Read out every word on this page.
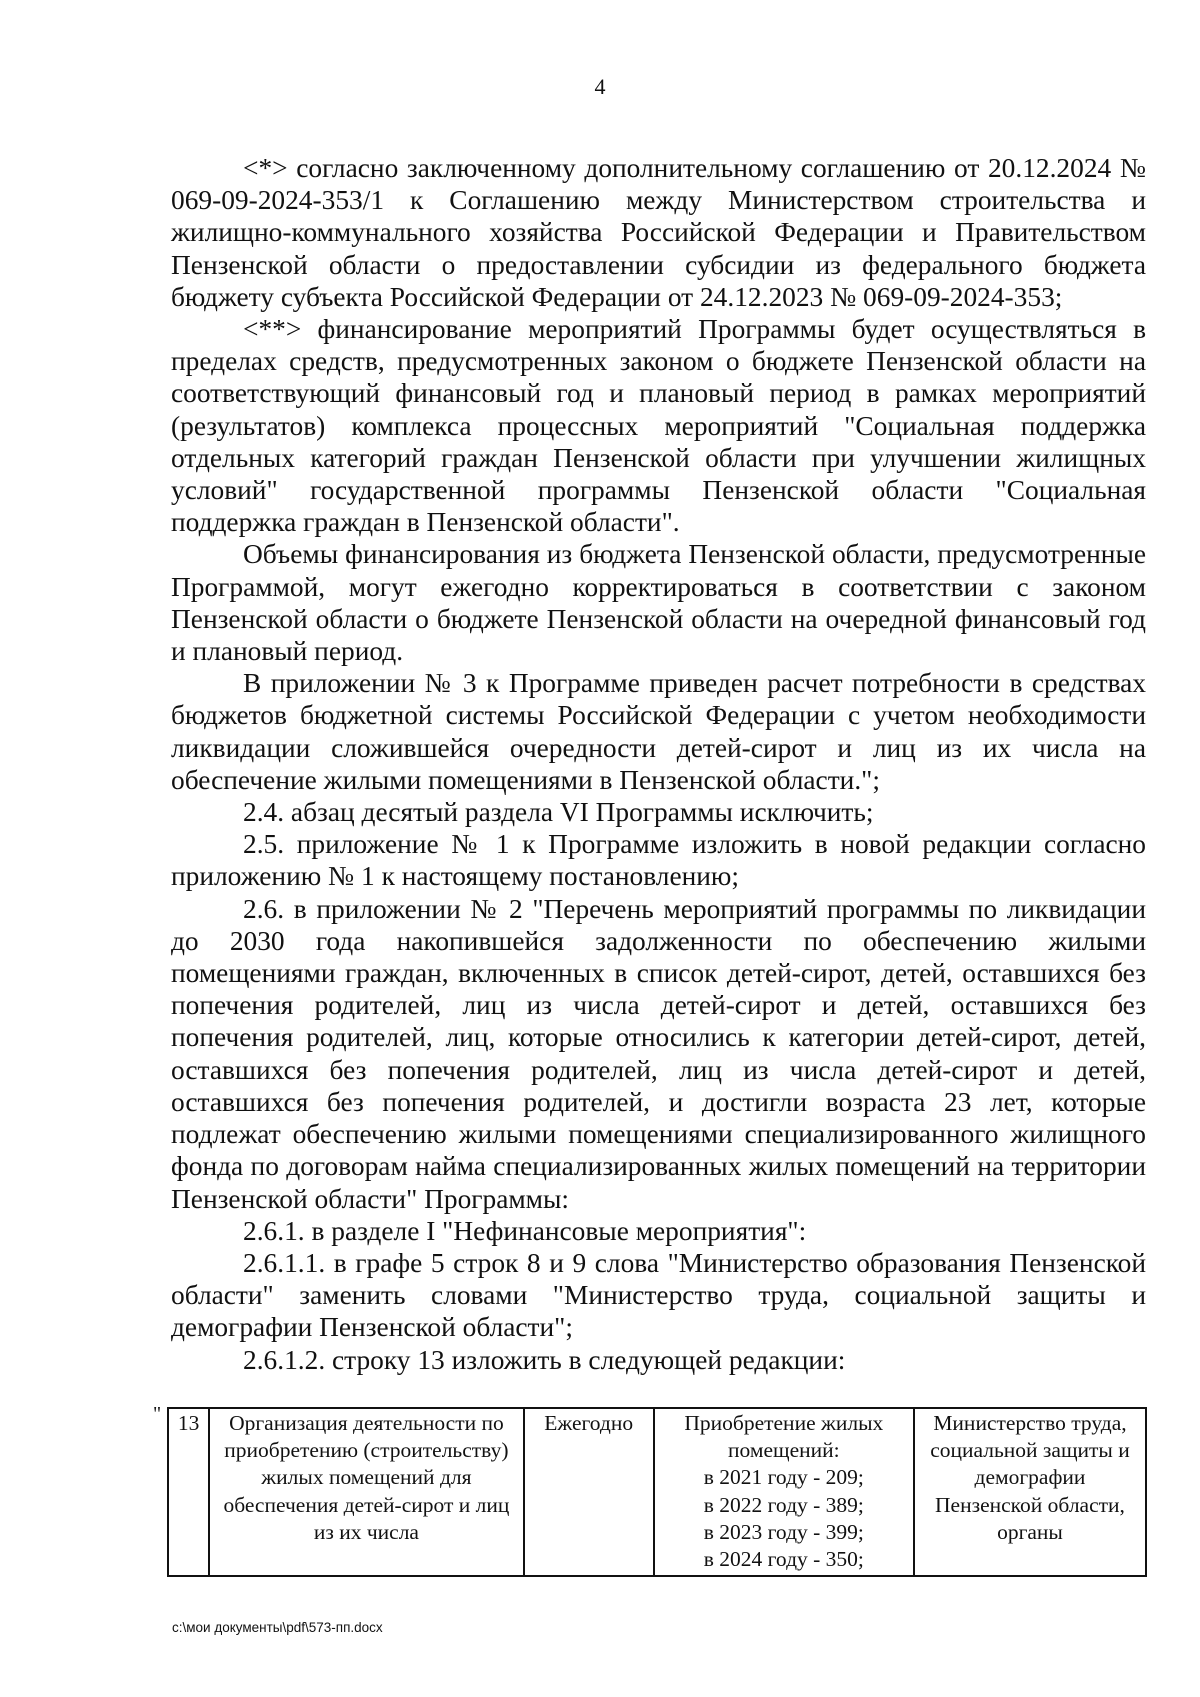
4

<*> согласно заключенному дополнительному соглашению от 20.12.2024 № 069-09-2024-353/1 к Соглашению между Министерством строительства и жилищно-коммунального хозяйства Российской Федерации и Правительством Пензенской области о предоставлении субсидии из федерального бюджета бюджету субъекта Российской Федерации от 24.12.2023 № 069-09-2024-353;

<**> финансирование мероприятий Программы будет осуществляться в пределах средств, предусмотренных законом о бюджете Пензенской области на соответствующий финансовый год и плановый период в рамках мероприятий (результатов) комплекса процессных мероприятий "Социальная поддержка отдельных категорий граждан Пензенской области при улучшении жилищных условий" государственной программы Пензенской области "Социальная поддержка граждан в Пензенской области".

Объемы финансирования из бюджета Пензенской области, предусмотренные Программой, могут ежегодно корректироваться в соответствии с законом Пензенской области о бюджете Пензенской области на очередной финансовый год и плановый период.

В приложении № 3 к Программе приведен расчет потребности в средствах бюджетов бюджетной системы Российской Федерации с учетом необходимости ликвидации сложившейся очередности детей-сирот и лиц из их числа на обеспечение жилыми помещениями в Пензенской области.";

2.4. абзац десятый раздела VI Программы исключить;

2.5. приложение № 1 к Программе изложить в новой редакции согласно приложению № 1 к настоящему постановлению;

2.6. в приложении № 2 "Перечень мероприятий программы по ликвидации до 2030 года накопившейся задолженности по обеспечению жилыми помещениями граждан, включенных в список детей-сирот, детей, оставшихся без попечения родителей, лиц из числа детей-сирот и детей, оставшихся без попечения родителей, лиц, которые относились к категории детей-сирот, детей, оставшихся без попечения родителей, лиц из числа детей-сирот и детей, оставшихся без попечения родителей, и достигли возраста 23 лет, которые подлежат обеспечению жилыми помещениями специализированного жилищного фонда по договорам найма специализированных жилых помещений на территории Пензенской области" Программы:

2.6.1. в разделе I "Нефинансовые мероприятия":

2.6.1.1. в графе 5 строк 8 и 9 слова "Министерство образования Пензенской области" заменить словами "Министерство труда, социальной защиты и демографии Пензенской области";

2.6.1.2. строку 13 изложить в следующей редакции:

" 13	Организация деятельности по приобретению (строительству) жилых помещений для обеспечения детей-сирот и лиц из их числа	Ежегодно	Приобретение жилых помещений:
в 2021 году - 209;
в 2022 году - 389;
в 2023 году - 399;
в 2024 году - 350;
	Министерство труда, социальной защиты и демографии Пензенской области, органы
c:\мои документы\pdf\573-пп.docx
